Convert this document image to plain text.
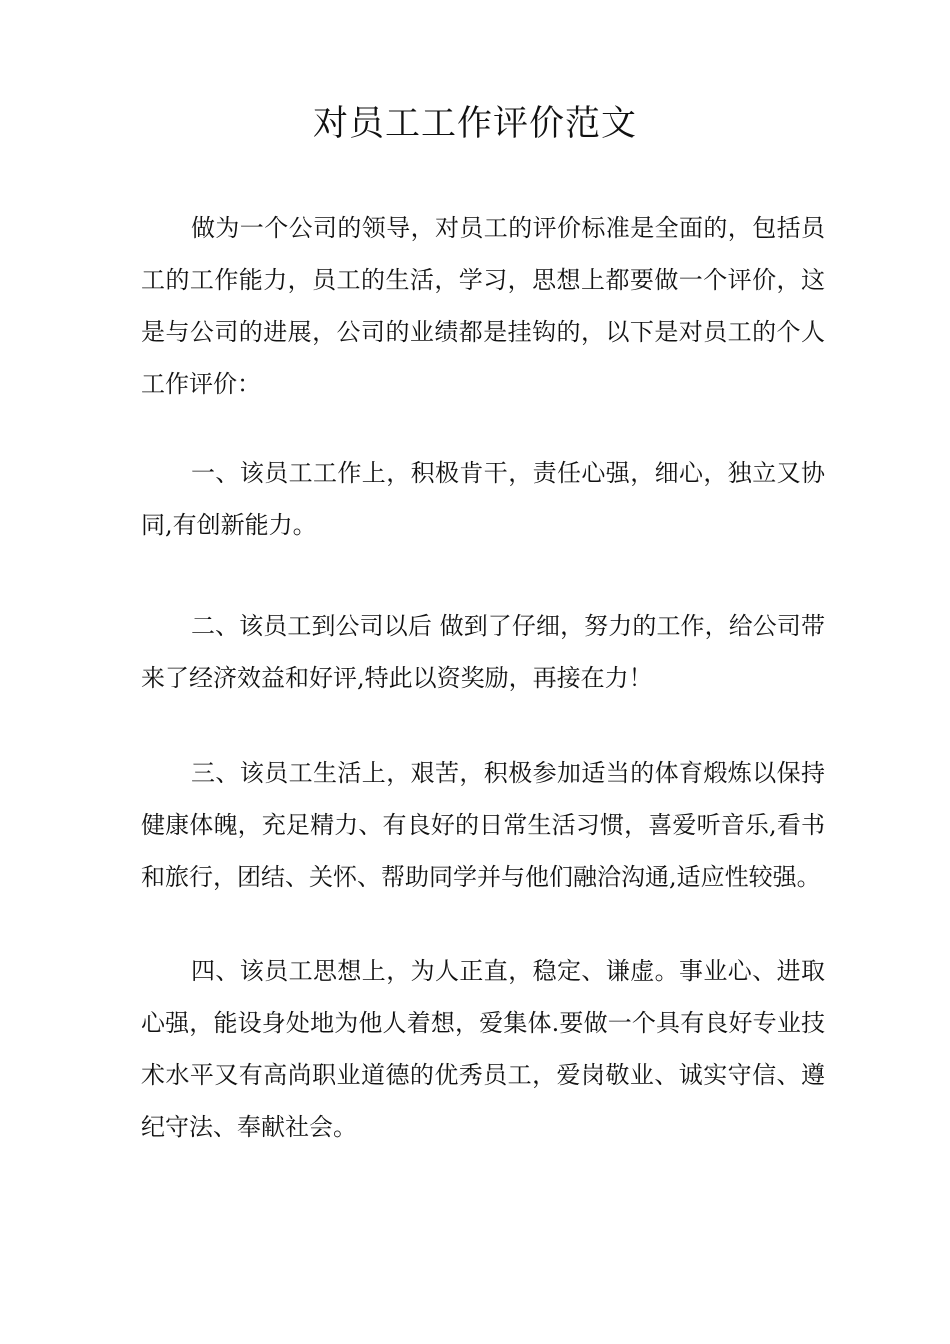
对员工工作评价范文

做为一个公司的领导，对员工的评价标准是全面的，包括员工的工作能力，员工的生活，学习，思想上都要做一个评价，这是与公司的进展，公司的业绩都是挂钩的，以下是对员工的个人工作评价：

一、该员工工作上，积极肯干，责任心强，细心，独立又协同,有创新能力。

二、该员工到公司以后 做到了仔细，努力的工作，给公司带来了经济效益和好评,特此以资奖励，再接在力！

三、该员工生活上，艰苦，积极参加适当的体育煅炼以保持健康体魄，充足精力、有良好的日常生活习惯，喜爱听音乐,看书和旅行，团结、关怀、帮助同学并与他们融洽沟通,适应性较强。

四、该员工思想上，为人正直，稳定、谦虚。事业心、进取心强，能设身处地为他人着想，爱集体.要做一个具有良好专业技术水平又有高尚职业道德的优秀员工，爱岗敬业、诚实守信、遵纪守法、奉献社会。
